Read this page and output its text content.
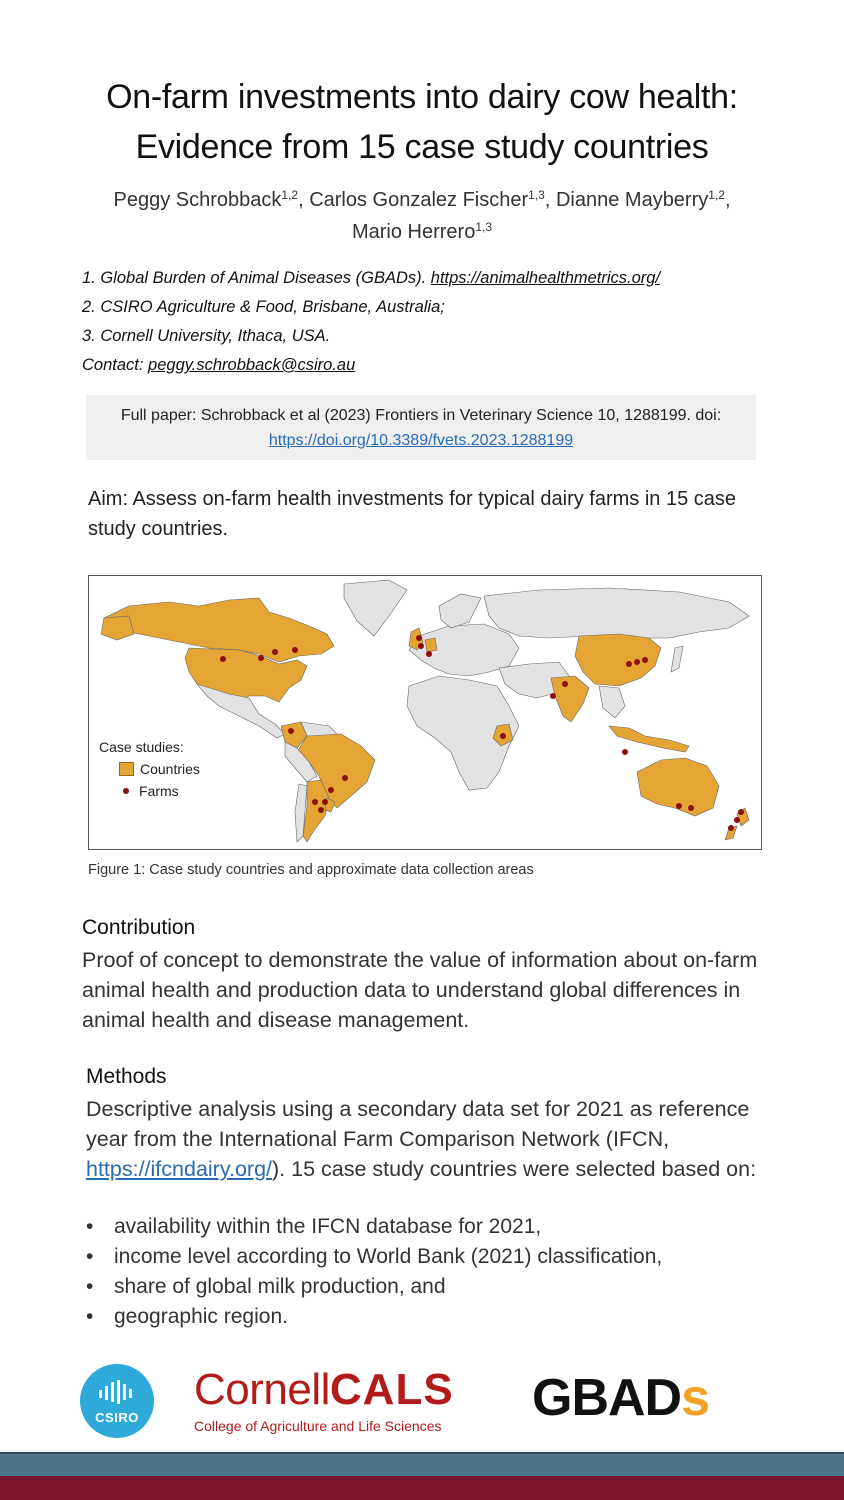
On-farm investments into dairy cow health:
Evidence from 15 case study countries
Peggy Schrobback$^{1,2}$, Carlos Gonzalez Fischer$^{1,3}$, Dianne Mayberry$^{1,2}$,
Mario Herrero$^{1,3}$
1. Global Burden of Animal Diseases (GBADs). https://animalhealthmetrics.org/
2. CSIRO Agriculture & Food, Brisbane, Australia;
3. Cornell University, Ithaca, USA.
Contact: peggy.schrobback@csiro.au
Full paper: Schrobback et al (2023) Frontiers in Veterinary Science 10, 1288199. doi: https://doi.org/10.3389/fvets.2023.1288199
Aim: Assess on-farm health investments for typical dairy farms in 15 case study countries.
Case studies:
Countries
Farms
Figure 1: Case study countries and approximate data collection areas
Contribution
Proof of concept to demonstrate the value of information about on-farm animal health and production data to understand global differences in animal health and disease management.
Methods
Descriptive analysis using a secondary data set for 2021 as reference year from the International Farm Comparison Network (IFCN, https://ifcndairy.org/). 15 case study countries were selected based on:
• availability within the IFCN database for 2021,
• income level according to World Bank (2021) classification,
• share of global milk production, and
• geographic region.
CSIRO
CornellCALS
College of Agriculture and Life Sciences GBADs
